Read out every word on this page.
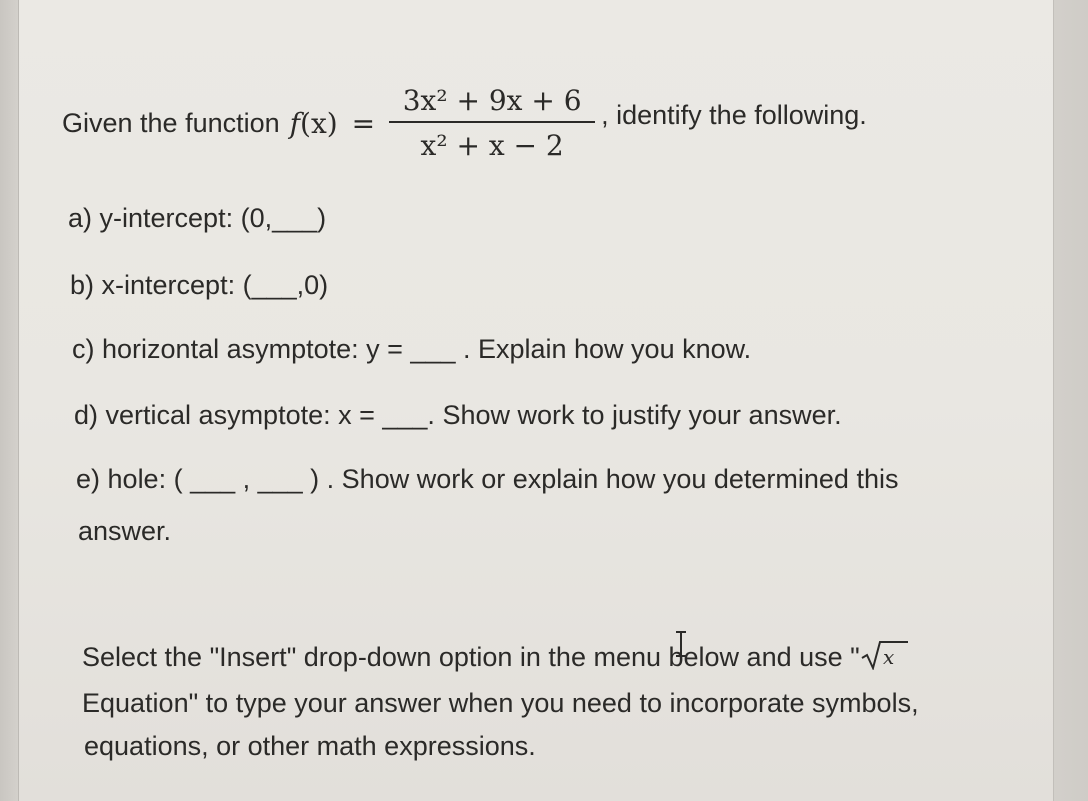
Given the function $f(x) = \frac{\text{3x² + 9x + 6}}{\text{x² + x − 2}}$ , identify the following.
a) y-intercept: (0,___)
b) x-intercept: (___,0)
c) horizontal asymptote: y = ___ . Explain how you know.
d) vertical asymptote: x = ___. Show work to justify your answer.
e) hole: ( ___ , ___ ) . Show work or explain how you determined this
answer.
Select the "Insert" drop-down option in the menu below and use " x
Equation" to type your answer when you need to incorporate symbols,
equations, or other math expressions.
